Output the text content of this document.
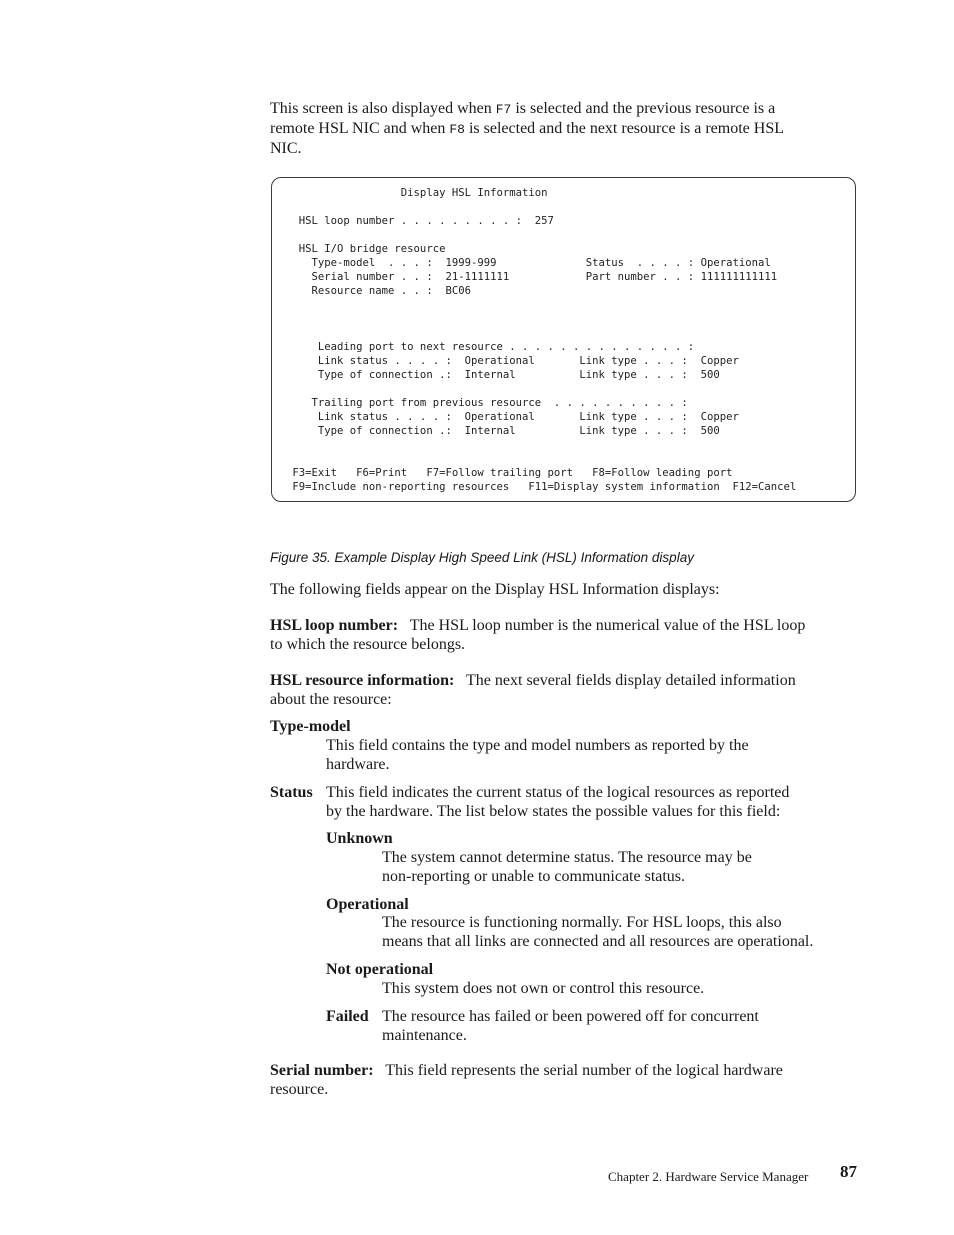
This screen is also displayed when F7 is selected and the previous resource is a
remote HSL NIC and when F8 is selected and the next resource is a remote HSL
NIC.
Display HSL Information
HSL loop number . . . . . . . . . :  257
HSL I/O bridge resource
Type-model  . . . :  1999-999              Status  . . . . : Operational
Serial number . . :  21-1111111            Part number . . : 111111111111
Resource name . . :  BC06
Leading port to next resource . . . . . . . . . . . . . . :
Link status . . . . :  Operational       Link type . . . :  Copper
Type of connection .:  Internal          Link type . . . :  500
Trailing port from previous resource  . . . . . . . . . . :
Link status . . . . :  Operational       Link type . . . :  Copper
Type of connection .:  Internal          Link type . . . :  500
F3=Exit   F6=Print   F7=Follow trailing port   F8=Follow leading port
F9=Include non-reporting resources   F11=Display system information  F12=Cancel
Figure 35. Example Display High Speed Link (HSL) Information display
The following fields appear on the Display HSL Information displays:
HSL loop number: The HSL loop number is the numerical value of the HSL loop
to which the resource belongs.
HSL resource information: The next several fields display detailed information
about the resource:
Type-model
This field contains the type and model numbers as reported by the
hardware.
Status This field indicates the current status of the logical resources as reported
by the hardware. The list below states the possible values for this field:
Unknown
The system cannot determine status. The resource may be
non-reporting or unable to communicate status.
Operational
The resource is functioning normally. For HSL loops, this also
means that all links are connected and all resources are operational.
Not operational
This system does not own or control this resource.
Failed The resource has failed or been powered off for concurrent
maintenance.
Serial number: This field represents the serial number of the logical hardware
resource.
Chapter 2. Hardware Service Manager 87
